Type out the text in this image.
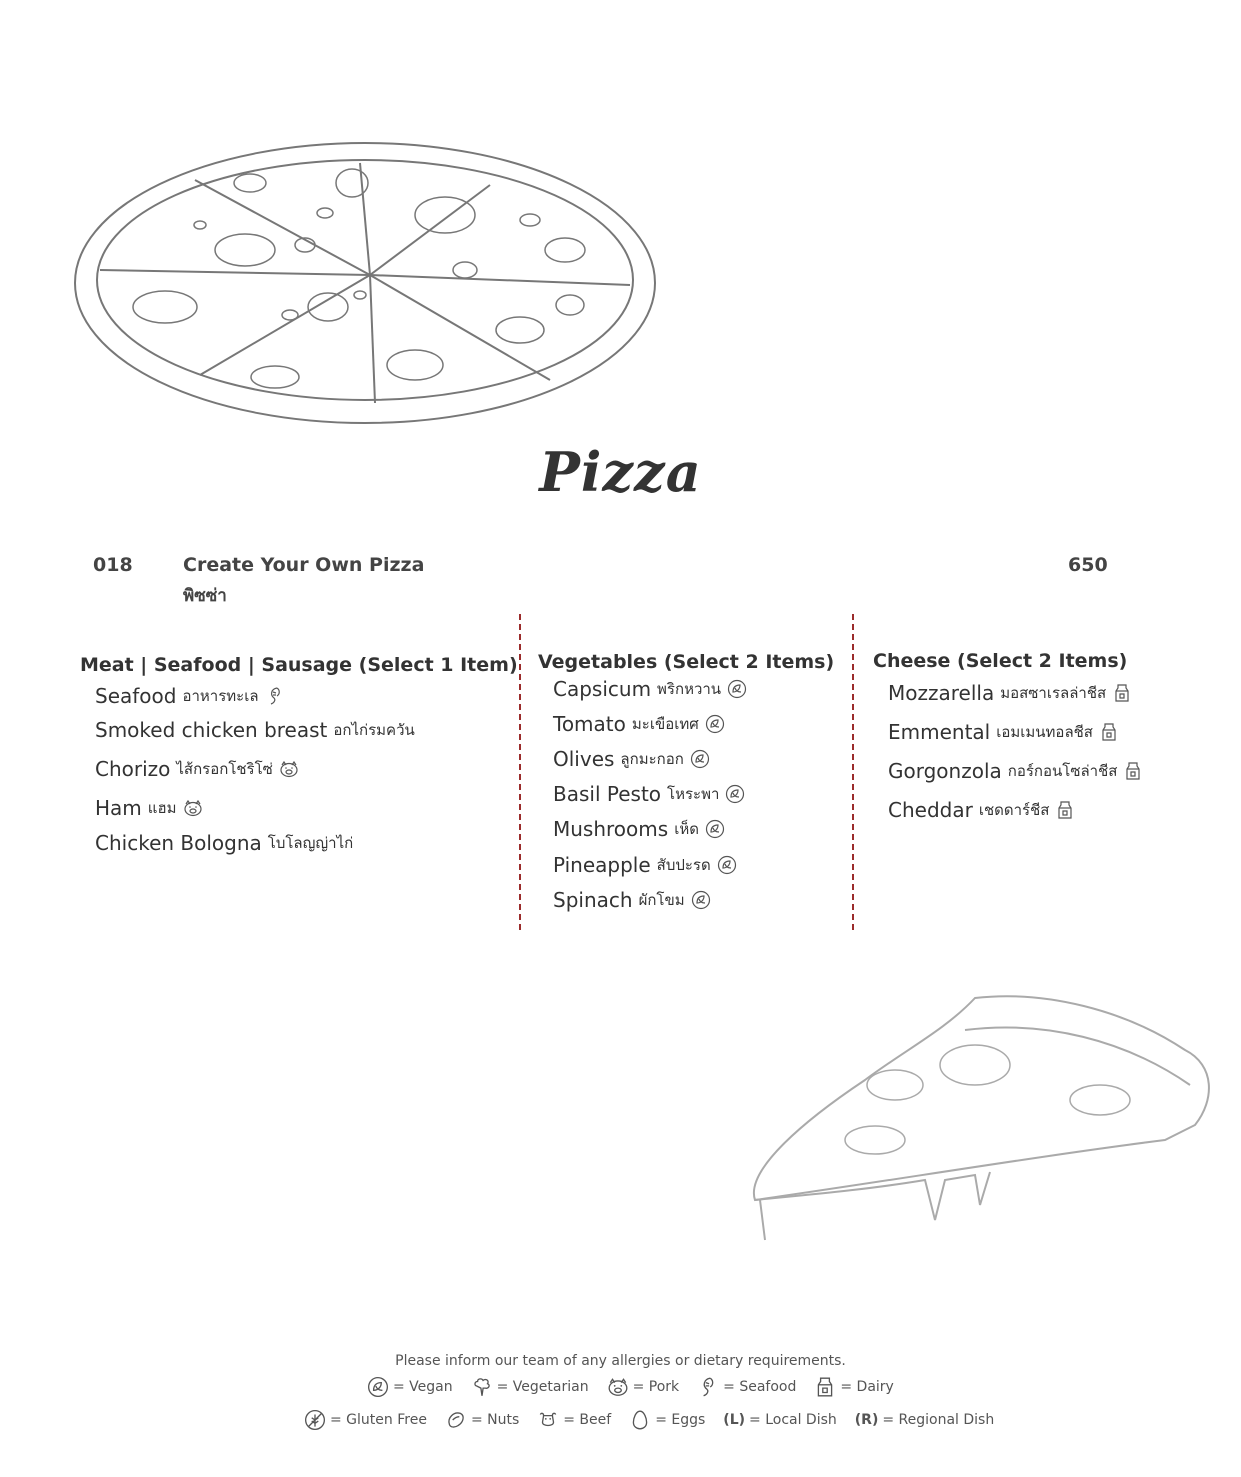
Pizza
018	Create Your Own Pizza
พิซซ่า
650
Meat | Seafood | Sausage (Select 1 Item)
Seafood อาหารทะเล
Smoked chicken breast อกไก่รมควัน
Chorizo ไส้กรอกโชริโซ่
Ham แฮม
Chicken Bologna โบโลญญ่าไก่
Vegetables (Select 2 Items)
Capsicum พริกหวาน
Tomato มะเขือเทศ
Olives ลูกมะกอก
Basil Pesto โหระพา
Mushrooms เห็ด
Pineapple สับปะรด
Spinach ผักโขม
Cheese (Select 2 Items)
Mozzarella มอสซาเรลล่าชีส
Emmental เอมเมนทอลชีส
Gorgonzola กอร์กอนโซล่าชีส
Cheddar เชดดาร์ชีส
Please inform our team of any allergies or dietary requirements.
= Vegan	= Vegetarian	= Pork	= Seafood	= Dairy
= Gluten Free	= Nuts	= Beef	= Eggs (L) = Local Dish (R) = Regional Dish
